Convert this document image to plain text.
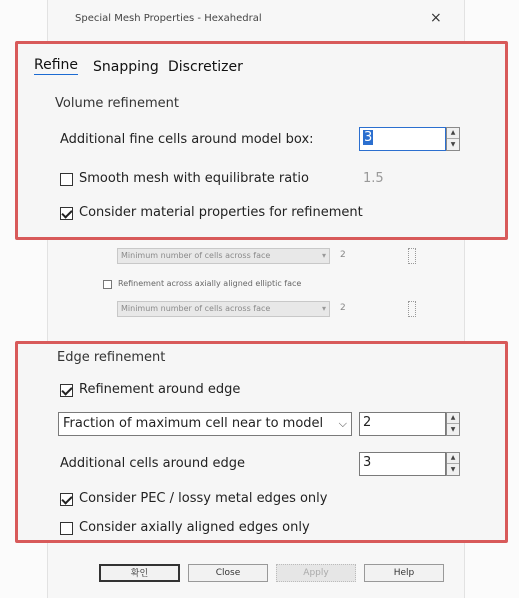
Special Mesh Properties - Hexahedral	×
Minimum number of cells across face	▾ 2
Refinement across axially aligned elliptic face
Minimum number of cells across face	▾ 2
Refine Snapping Discretizer
Volume refinement
Additional fine cells around model box:	3	▲
▼
Smooth mesh with equilibrate ratio	1.5
Consider material properties for refinement
Edge refinement
Refinement around edge
Fraction of maximum cell near to model ⌵	2	▲
▼
Additional cells around edge	3	▲
▼
Consider PEC / lossy metal edges only
Consider axially aligned edges only
확인	Close	Apply	Help
